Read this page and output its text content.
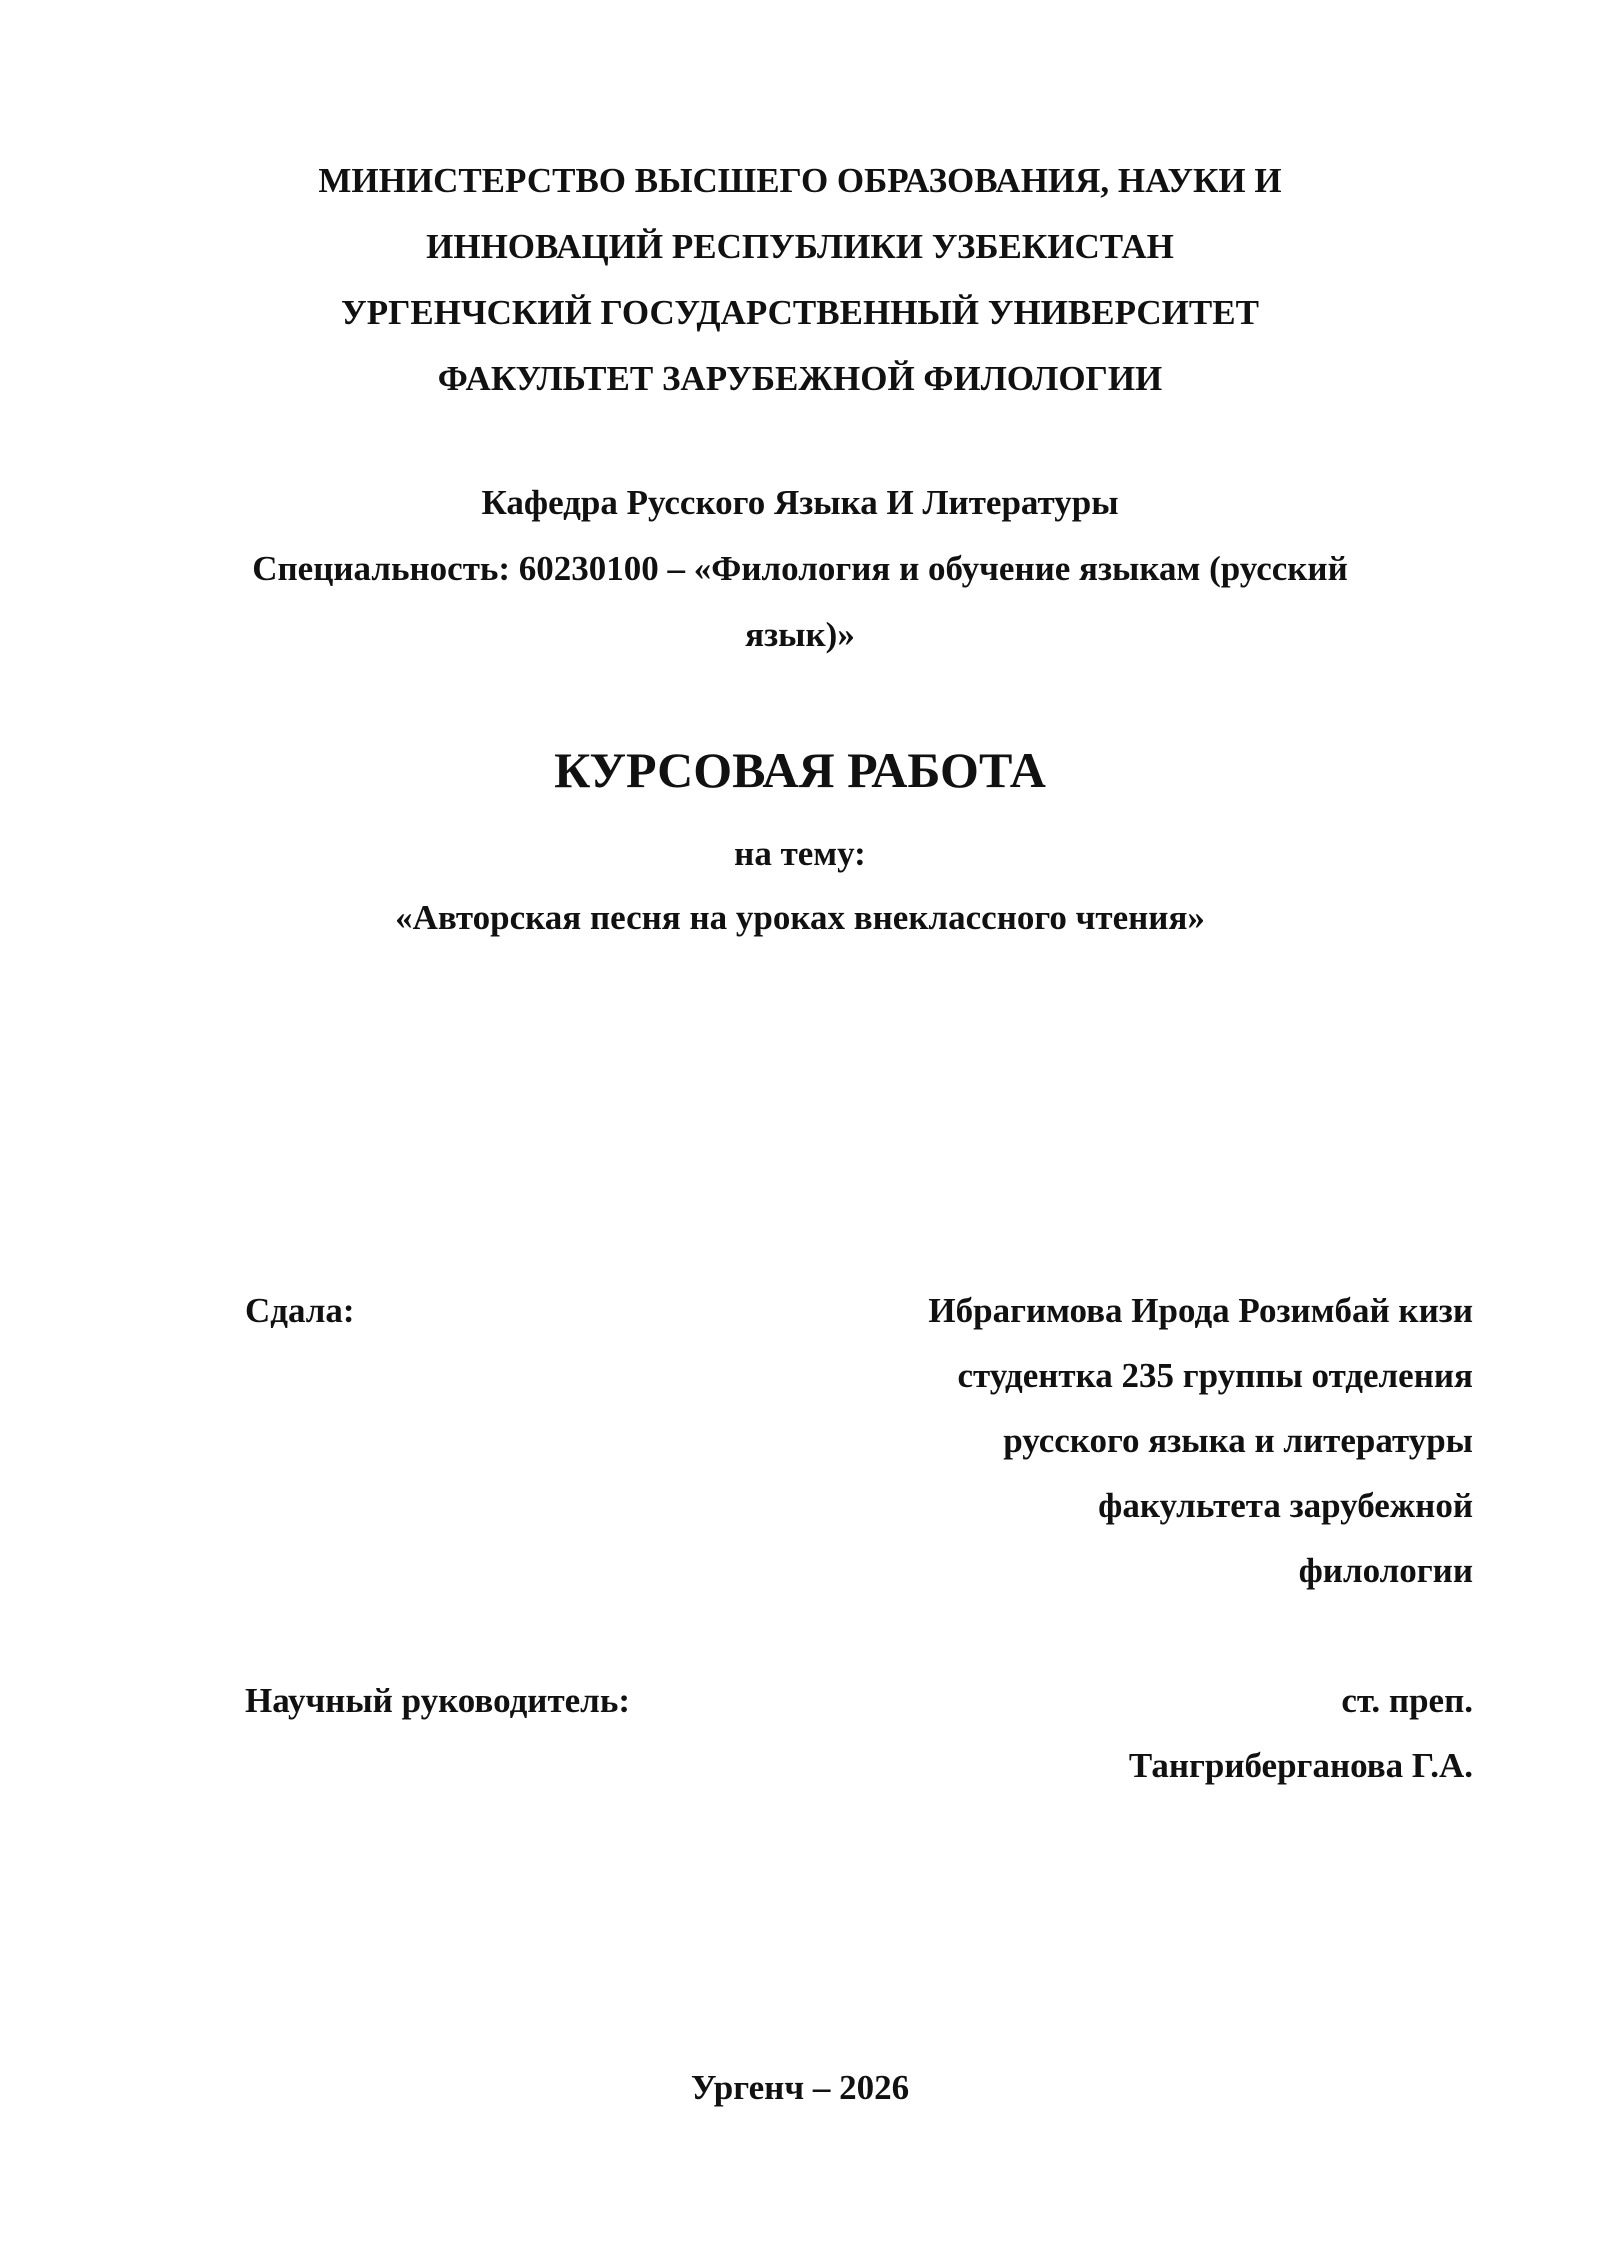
МИНИСТЕРСТВО ВЫСШЕГО ОБРАЗОВАНИЯ, НАУКИ И
ИННОВАЦИЙ РЕСПУБЛИКИ УЗБЕКИСТАН
УРГЕНЧСКИЙ ГОСУДАРСТВЕННЫЙ УНИВЕРСИТЕТ
ФАКУЛЬТЕТ ЗАРУБЕЖНОЙ ФИЛОЛОГИИ
Кафедра Русского Языка И Литературы
Специальность: 60230100 – «Филология и обучение языкам (русский
язык)»
КУРСОВАЯ РАБОТА
на тему:
«Авторская песня на уроках внеклассного чтения»
Сдала:	Ибрагимова Ирода Розимбай кизи
студентка 235 группы отделения
русского языка и литературы
факультета зарубежной
филологии
Научный руководитель:	ст. преп.
Тангриберганова Г.А.
Ургенч – 2026
